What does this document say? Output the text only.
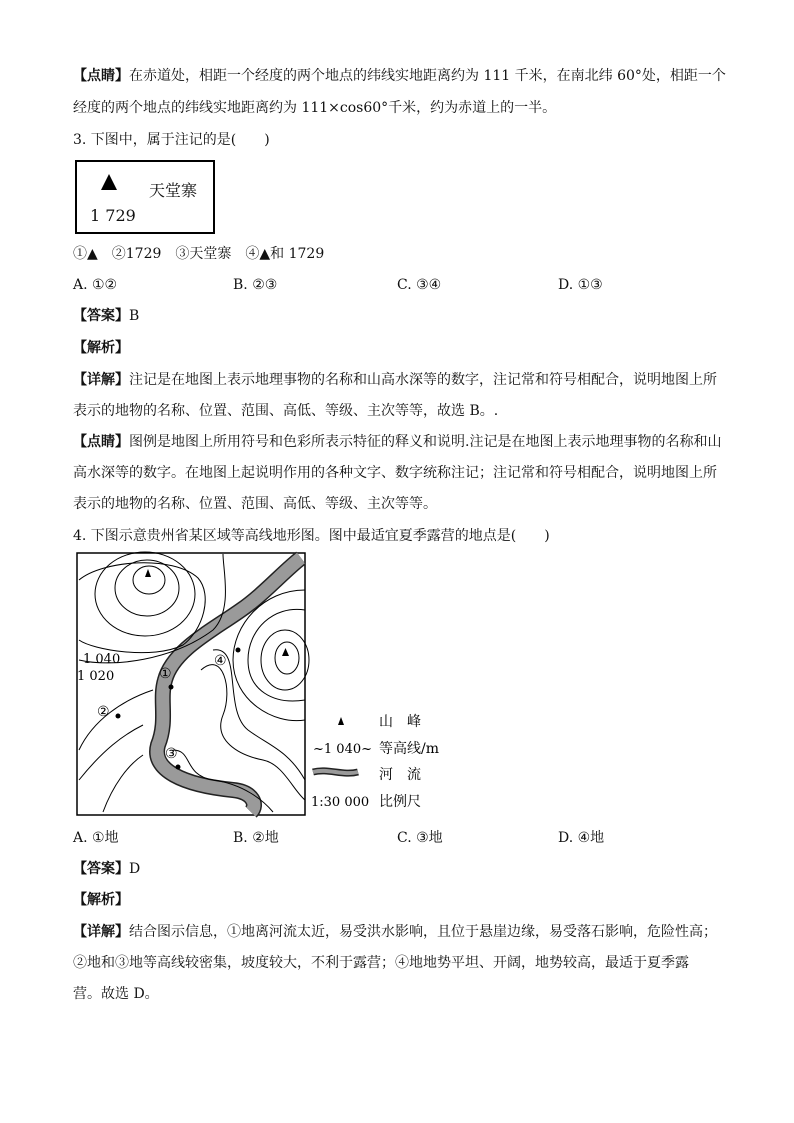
【点睛】在赤道处，相距一个经度的两个地点的纬线实地距离约为 111 千米，在南北纬 60°处，相距一个
经度的两个地点的纬线实地距离约为 111×cos60°千米，约为赤道上的一半。
3. 下图中，属于注记的是(　　)
天堂寨
1 729
①▲　②1729　③天堂寨　④▲和 1729
A. ①②	B. ②③	C. ③④	D. ①③
【答案】B
【解析】
【详解】注记是在地图上表示地理事物的名称和山高水深等的数字，注记常和符号相配合，说明地图上所
表示的地物的名称、位置、范围、高低、等级、主次等等，故选 B。.
【点睛】图例是地图上所用符号和色彩所表示特征的释义和说明.注记是在地图上表示地理事物的名称和山
高水深等的数字。在地图上起说明作用的各种文字、数字统称注记；注记常和符号相配合，说明地图上所
表示的地物的名称、位置、范围、高低、等级、主次等等。
4. 下图示意贵州省某区域等高线地形图。图中最适宜夏季露营的地点是(　　)
1 040
1 020	①
②
③
④
山　峰
~1 040~ 等高线/m
河　流
1:30 000 比例尺
A. ①地	B. ②地	C. ③地	D. ④地
【答案】D
【解析】
【详解】结合图示信息，①地离河流太近，易受洪水影响，且位于悬崖边缘，易受落石影响，危险性高；
②地和③地等高线较密集，坡度较大，不利于露营；④地地势平坦、开阔，地势较高，最适于夏季露
营。故选 D。
